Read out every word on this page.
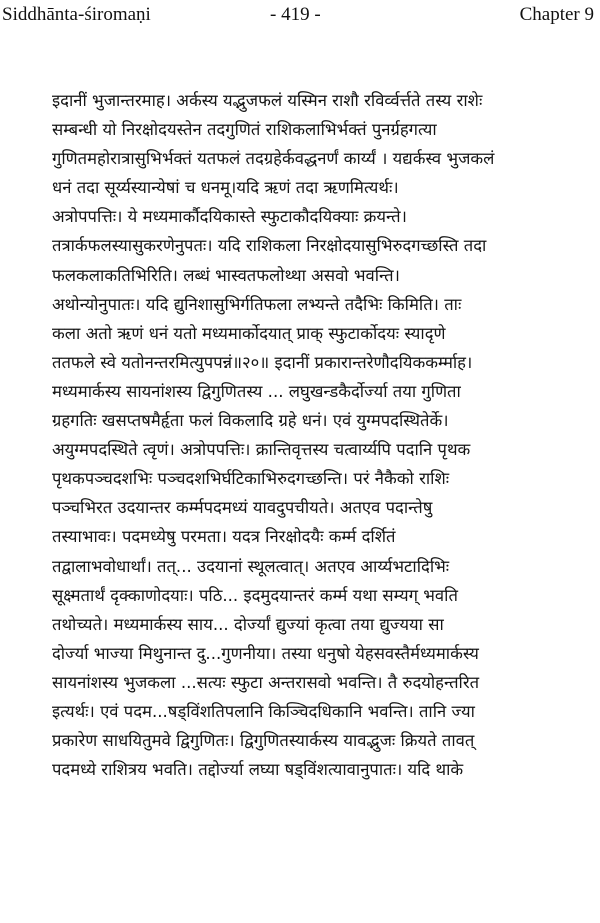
Siddhānta-śiromaṇi	- 419 -	Chapter 9
इदानीं भुजान्तरमाह। अर्कस्य यद्भुजफलं यस्मिन राशौ रविर्व्वर्त्तते तस्य राशेः
सम्बन्धी यो निरक्षोदयस्तेन तदगुणितं राशिकलाभिर्भक्तं पुनर्ग्रहगत्या
गुणितमहोरात्रासुभिर्भक्तं यतफलं तदग्रहेर्कवद्धनर्णं कार्य्यं । यद्यर्कस्व भुजकलं
धनं तदा सूर्य्यस्यान्येषां च धनमू।यदि ऋणं तदा ऋणमित्यर्थः।
अत्रोपपत्तिः। ये मध्यमार्कौदयिकास्ते स्फुटाकौदयिक्याः क्रयन्ते।
तत्रार्कफलस्यासुकरणेनुपतः। यदि राशिकला निरक्षोदयासुभिरुदगच्छस्ति तदा
फलकलाकतिभिरिति। लब्धं भास्वतफलोथ्था असवो भवन्ति।
अथोन्योनुपातः। यदि द्युनिशासुभिर्गतिफला लभ्यन्ते तदैभिः किमिति। ताः
कला अतो ऋणं धनं यतो मध्यमार्कोदयात् प्राक् स्फुटार्कोदयः स्यादृणे
ततफले स्वे यतोनन्तरमित्युपपन्नं॥२०॥ इदानीं प्रकारान्तरेणौदयिककर्म्माह।
मध्यमार्कस्य सायनांशस्य द्विगुणितस्य ... लघुखन्डकैर्दोर्ज्या तया गुणिता
ग्रहगतिः खसप्तषमैर्हृता फलं विकलादि ग्रहे धनं। एवं युग्मपदस्थितेर्के।
अयुग्मपदस्थिते त्वृणं। अत्रोपपत्तिः। क्रान्तिवृत्तस्य चत्वार्य्यपि पदानि पृथक
पृथकपञ्चदशभिः पञ्चदशभिर्घटिकाभिरुदगच्छन्ति। परं नैकैको राशिः
पञ्चभिरत उदयान्तर कर्म्मपदमध्यं यावदुपचीयते। अतएव पदान्तेषु
तस्याभावः। पदमध्येषु परमता। यदत्र निरक्षोदयैः कर्म्म दर्शितं
तद्वालाभवोधार्थां। तत्... उदयानां स्थूलत्वात्। अतएव आर्य्यभटादिभिः
सूक्ष्मतार्थं दृक्काणोदयाः। पठि... इदमुदयान्तरं कर्म्म यथा सम्यग् भवति
तथोच्यते। मध्यमार्कस्य साय... दोर्ज्यां द्युज्यां कृत्वा तया द्युज्यया सा
दोर्ज्या भाज्या मिथुनान्त दु...गुणनीया। तस्या धनुषो येहसवस्तैर्मध्यमार्कस्य
सायनांशस्य भुजकला ...सत्यः स्फुटा अन्तरासवो भवन्ति। तै रुदयोहन्तरित
इत्यर्थः। एवं पदम...षड्विंशतिपलानि किञ्चिदधिकानि भवन्ति। तानि ज्या
प्रकारेण साधयितुमवे द्विगुणितः। द्विगुणितस्यार्कस्य यावद्भुजः क्रियते तावत्
पदमध्ये राशित्रय भवति। तद्दोर्ज्या लघ्या षड्विंशत्यावानुपातः। यदि थाके
